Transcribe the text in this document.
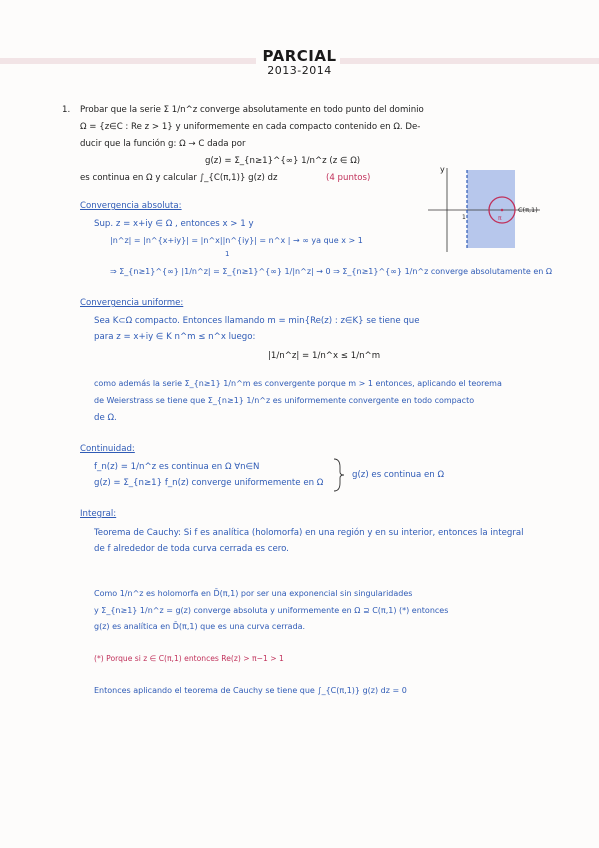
PARCIAL
2013-2014
1. Probar que la serie Σ 1/n^z converge absolutamente en todo punto del dominio
Ω = {z∈C : Re z > 1} y uniformemente en cada compacto contenido en Ω. De-
ducir que la función g: Ω → C dada por
g(z) = Σ_{n≥1}^{∞} 1/n^z (z ∈ Ω)
es continua en Ω y calcular ∫_{C(π,1)} g(z) dz	(4 puntos)
y
C(π,1)
π
1
Convergencia absoluta:
Sup. z = x+iy ∈ Ω , entonces x > 1 y
|n^z| = |n^{x+iy}| = |n^x||n^{iy}| = n^x | → ∞ ya que x > 1
1
⇒ Σ_{n≥1}^{∞} |1/n^z| = Σ_{n≥1}^{∞} 1/|n^z| → 0 ⇒ Σ_{n≥1}^{∞} 1/n^z converge absolutamente en Ω
Convergencia uniforme:
Sea K⊂Ω compacto. Entonces llamando m = min{Re(z) : z∈K} se tiene que
para z = x+iy ∈ K n^m ≤ n^x luego:
|1/n^z| = 1/n^x ≤ 1/n^m
como además la serie Σ_{n≥1} 1/n^m es convergente porque m > 1 entonces, aplicando el teorema
de Weierstrass se tiene que Σ_{n≥1} 1/n^z es uniformemente convergente en todo compacto
de Ω.
Continuidad:
f_n(z) = 1/n^z es continua en Ω ∀n∈N
g(z) = Σ_{n≥1} f_n(z) converge uniformemente en Ω
g(z) es continua en Ω
Integral:
Teorema de Cauchy: Si f es analítica (holomorfa) en una región y en su interior, entonces la integral de f alrededor de toda curva cerrada es cero.
Como 1/n^z es holomorfa en D̄(π,1) por ser una exponencial sin singularidades
y Σ_{n≥1} 1/n^z = g(z) converge absoluta y uniformemente en Ω ⊇ C(π,1) (*) entonces
g(z) es analítica en D̄(π,1) que es una curva cerrada.
(*) Porque si z ∈ C(π,1) entonces Re(z) > π−1 > 1
Entonces aplicando el teorema de Cauchy se tiene que ∫_{C(π,1)} g(z) dz = 0
